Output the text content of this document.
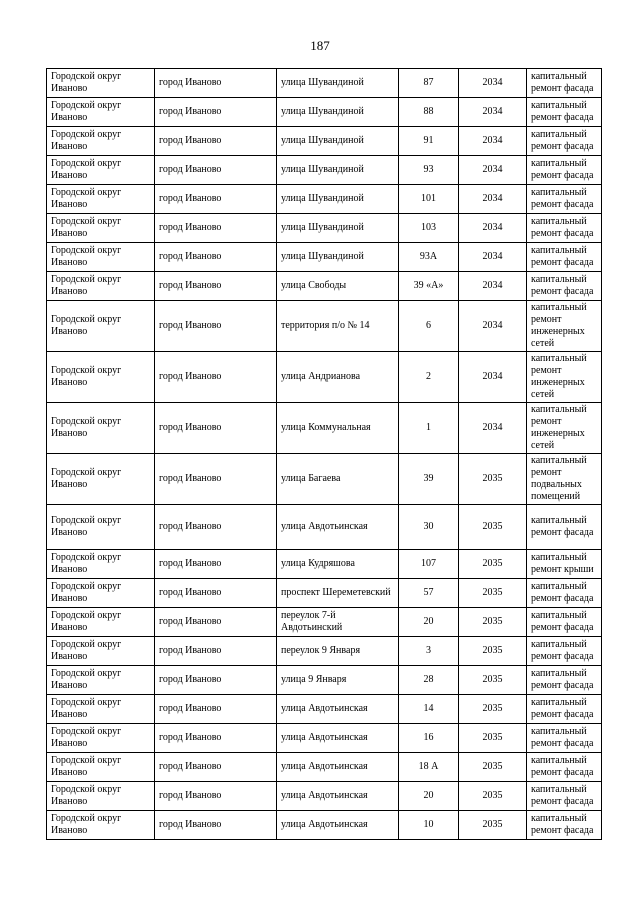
187
Городской округ Иваново	город Иваново	улица Шувандиной	87	2034	капитальный ремонт фасада
Городской округ Иваново	город Иваново	улица Шувандиной	88	2034	капитальный ремонт фасада
Городской округ Иваново	город Иваново	улица Шувандиной	91	2034	капитальный ремонт фасада
Городской округ Иваново	город Иваново	улица Шувандиной	93	2034	капитальный ремонт фасада
Городской округ Иваново	город Иваново	улица Шувандиной	101	2034	капитальный ремонт фасада
Городской округ Иваново	город Иваново	улица Шувандиной	103	2034	капитальный ремонт фасада
Городской округ Иваново	город Иваново	улица Шувандиной	93А	2034	капитальный ремонт фасада
Городской округ Иваново	город Иваново	улица Свободы	39 «А»	2034	капитальный ремонт фасада
Городской округ Иваново	город Иваново	территория п/о № 14	6	2034	капитальный ремонт инженерных сетей
Городской округ Иваново	город Иваново	улица Андрианова	2	2034	капитальный ремонт инженерных сетей
Городской округ Иваново	город Иваново	улица Коммунальная	1	2034	капитальный ремонт инженерных сетей
Городской округ Иваново	город Иваново	улица Багаева	39	2035	капитальный ремонт подвальных помещений
Городской округ Иваново	город Иваново	улица Авдотьинская	30	2035	капитальный ремонт фасада
Городской округ Иваново	город Иваново	улица Кудряшова	107	2035	капитальный ремонт крыши
Городской округ Иваново	город Иваново	проспект Шереметевский	57	2035	капитальный ремонт фасада
Городской округ Иваново	город Иваново	переулок 7-й Авдотьинский	20	2035	капитальный ремонт фасада
Городской округ Иваново	город Иваново	переулок 9 Января	3	2035	капитальный ремонт фасада
Городской округ Иваново	город Иваново	улица 9 Января	28	2035	капитальный ремонт фасада
Городской округ Иваново	город Иваново	улица Авдотьинская	14	2035	капитальный ремонт фасада
Городской округ Иваново	город Иваново	улица Авдотьинская	16	2035	капитальный ремонт фасада
Городской округ Иваново	город Иваново	улица Авдотьинская	18 А	2035	капитальный ремонт фасада
Городской округ Иваново	город Иваново	улица Авдотьинская	20	2035	капитальный ремонт фасада
Городской округ Иваново	город Иваново	улица Авдотьинская	10	2035	капитальный ремонт фасада
